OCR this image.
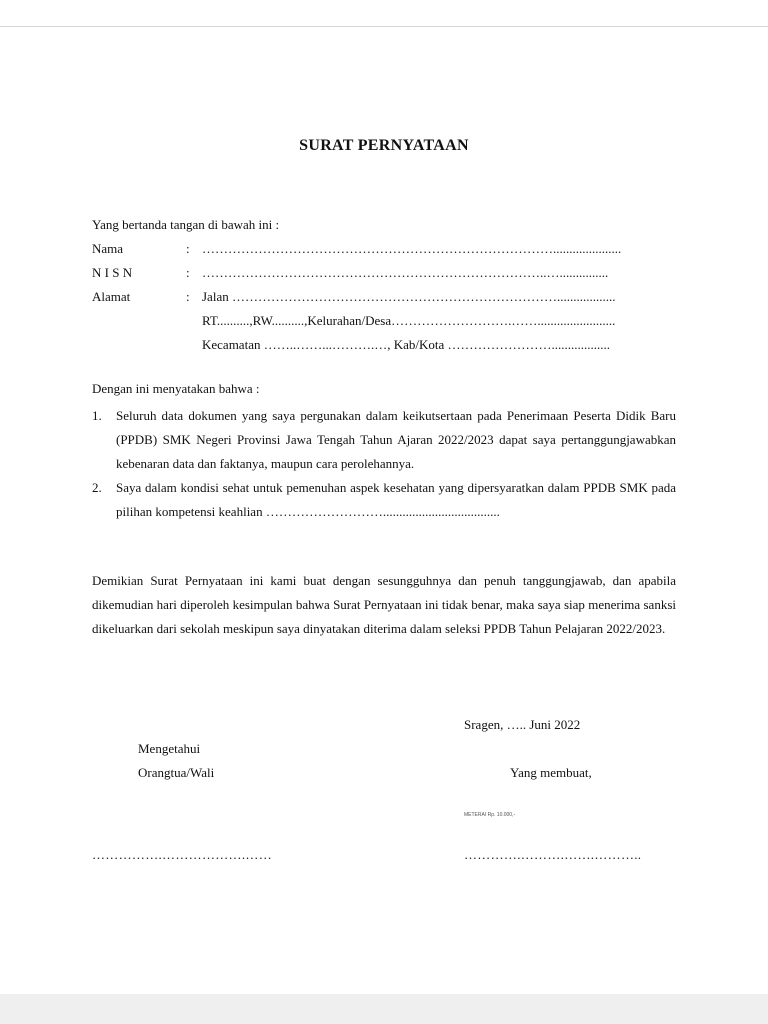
SURAT PERNYATAAN
Yang bertanda tangan di bawah ini :
Nama	: ……………………………………………………………………….....................
N I S N	: ……………………………………………………………………..…...............
Alamat	: Jalan …………………………………………………………………..................
RT..........,RW..........,Kelurahan/Desa……………………….……........................
Kecamatan ……..……...……….…, Kab/Kota ……………………..................
Dengan ini menyatakan bahwa :
1. Seluruh data dokumen yang saya pergunakan dalam keikutsertaan pada Penerimaan Peserta Didik Baru (PPDB) SMK Negeri Provinsi Jawa Tengah Tahun Ajaran 2022/2023 dapat saya pertanggungjawabkan kebenaran data dan faktanya, maupun cara perolehannya.
2. Saya dalam kondisi sehat untuk pemenuhan aspek kesehatan yang dipersyaratkan dalam PPDB SMK pada pilihan kompetensi keahlian ………………………....................................
Demikian Surat Pernyataan ini kami buat dengan sesungguhnya dan penuh tanggungjawab, dan apabila dikemudian hari diperoleh kesimpulan bahwa Surat Pernyataan ini tidak benar, maka saya siap menerima sanksi dikeluarkan dari sekolah meskipun saya dinyatakan diterima dalam seleksi PPDB Tahun Pelajaran 2022/2023.
Sragen, ….. Juni 2022
Mengetahui
Orangtua/Wali	Yang membuat,
METERAI Rp. 10.000,-
…………….……………….……	………….……….…….………..
